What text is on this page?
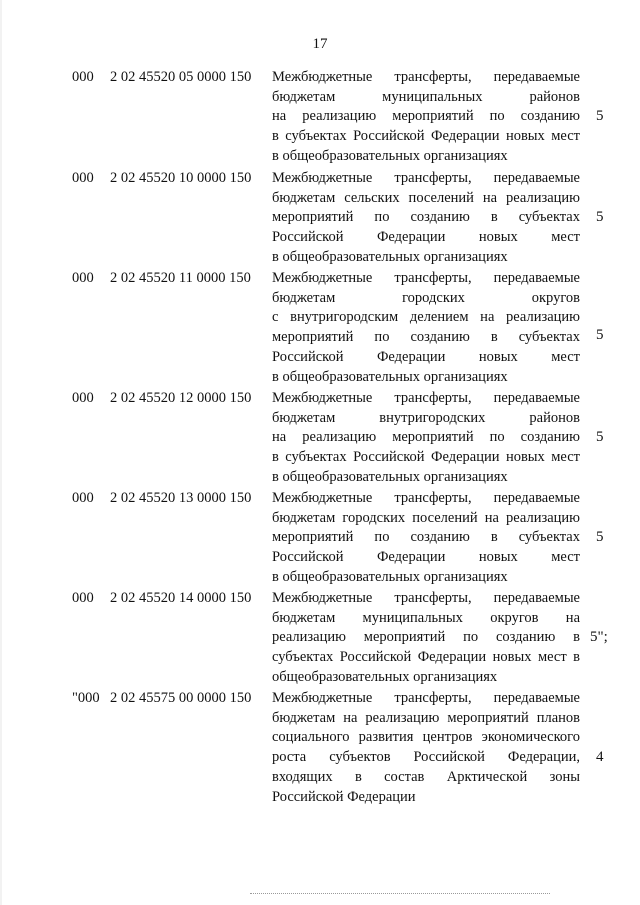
17
000 2 02 45520 05 0000 150 Межбюджетные трансферты, передаваемые
бюджетам муниципальных районов
на реализацию мероприятий по созданию
в субъектах Российской Федерации новых мест
в общеобразовательных организациях
5
000 2 02 45520 10 0000 150 Межбюджетные трансферты, передаваемые
бюджетам сельских поселений на реализацию
мероприятий по созданию в субъектах
Российской Федерации новых мест
в общеобразовательных организациях
5
000 2 02 45520 11 0000 150 Межбюджетные трансферты, передаваемые
бюджетам городских округов
с внутригородским делением на реализацию
мероприятий по созданию в субъектах
Российской Федерации новых мест
в общеобразовательных организациях
5
000 2 02 45520 12 0000 150 Межбюджетные трансферты, передаваемые
бюджетам внутригородских районов
на реализацию мероприятий по созданию
в субъектах Российской Федерации новых мест
в общеобразовательных организациях
5
000 2 02 45520 13 0000 150 Межбюджетные трансферты, передаваемые
бюджетам городских поселений на реализацию
мероприятий по созданию в субъектах
Российской Федерации новых мест
в общеобразовательных организациях
5
000 2 02 45520 14 0000 150 Межбюджетные трансферты, передаваемые
бюджетам муниципальных округов на
реализацию мероприятий по созданию в
субъектах Российской Федерации новых мест в
общеобразовательных организациях
5";
"000 2 02 45575 00 0000 150 Межбюджетные трансферты, передаваемые
бюджетам на реализацию мероприятий планов
социального развития центров экономического
роста субъектов Российской Федерации,
входящих в состав Арктической зоны
Российской Федерации
4
